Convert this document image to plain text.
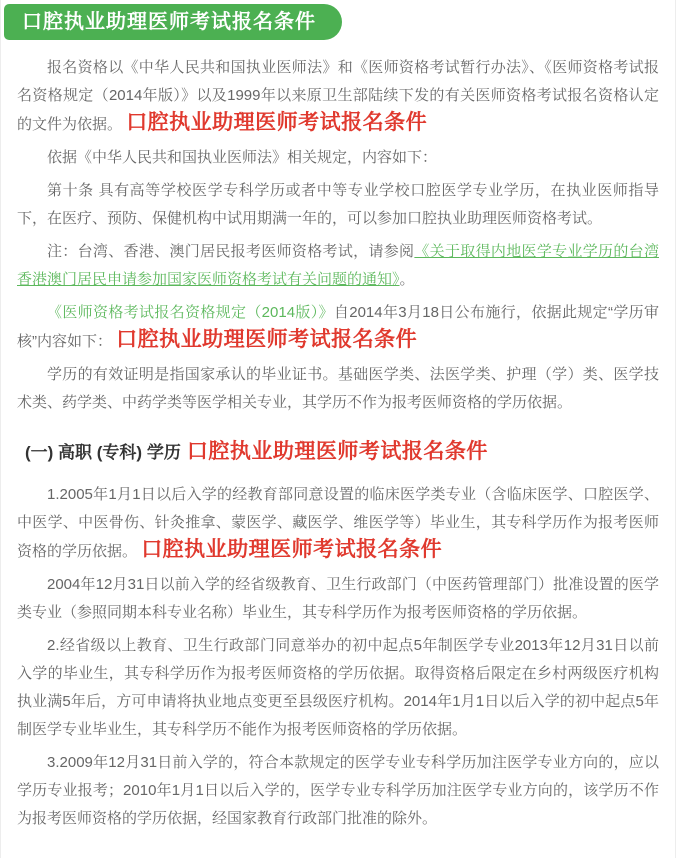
口腔执业助理医师考试报名条件

报名资格以《中华人民共和国执业医师法》和《医师资格考试暂行办法》、《医师资格考试报名资格规定（2014年版）》以及1999年以来原卫生部陆续下发的有关医师资格考试报名资格认定的文件为依据。 口腔执业助理医师考试报名条件

依据《中华人民共和国执业医师法》相关规定，内容如下：

第十条 具有高等学校医学专科学历或者中等专业学校口腔医学专业学历，在执业医师指导下，在医疗、预防、保健机构中试用期满一年的，可以参加口腔执业助理医师资格考试。

注：台湾、香港、澳门居民报考医师资格考试，请参阅《关于取得内地医学专业学历的台湾香港澳门居民申请参加国家医师资格考试有关问题的通知》。

《医师资格考试报名资格规定（2014版）》自2014年3月18日公布施行，依据此规定“学历审核”内容如下： 口腔执业助理医师考试报名条件

学历的有效证明是指国家承认的毕业证书。基础医学类、法医学类、护理（学）类、医学技术类、药学类、中药学类等医学相关专业，其学历不作为报考医师资格的学历依据。

(一) 高职 (专科) 学历 口腔执业助理医师考试报名条件

1.2005年1月1日以后入学的经教育部同意设置的临床医学类专业（含临床医学、口腔医学、中医学、中医骨伤、针灸推拿、蒙医学、藏医学、维医学等）毕业生，其专科学历作为报考医师资格的学历依据。 口腔执业助理医师考试报名条件

2004年12月31日以前入学的经省级教育、卫生行政部门（中医药管理部门）批准设置的医学类专业（参照同期本科专业名称）毕业生，其专科学历作为报考医师资格的学历依据。

2.经省级以上教育、卫生行政部门同意举办的初中起点5年制医学专业2013年12月31日以前入学的毕业生，其专科学历作为报考医师资格的学历依据。取得资格后限定在乡村两级医疗机构执业满5年后，方可申请将执业地点变更至县级医疗机构。2014年1月1日以后入学的初中起点5年制医学专业毕业生，其专科学历不能作为报考医师资格的学历依据。

3.2009年12月31日前入学的，符合本款规定的医学专业专科学历加注医学专业方向的，应以学历专业报考；2010年1月1日以后入学的，医学专业专科学历加注医学专业方向的，该学历不作为报考医师资格的学历依据，经国家教育行政部门批准的除外。
